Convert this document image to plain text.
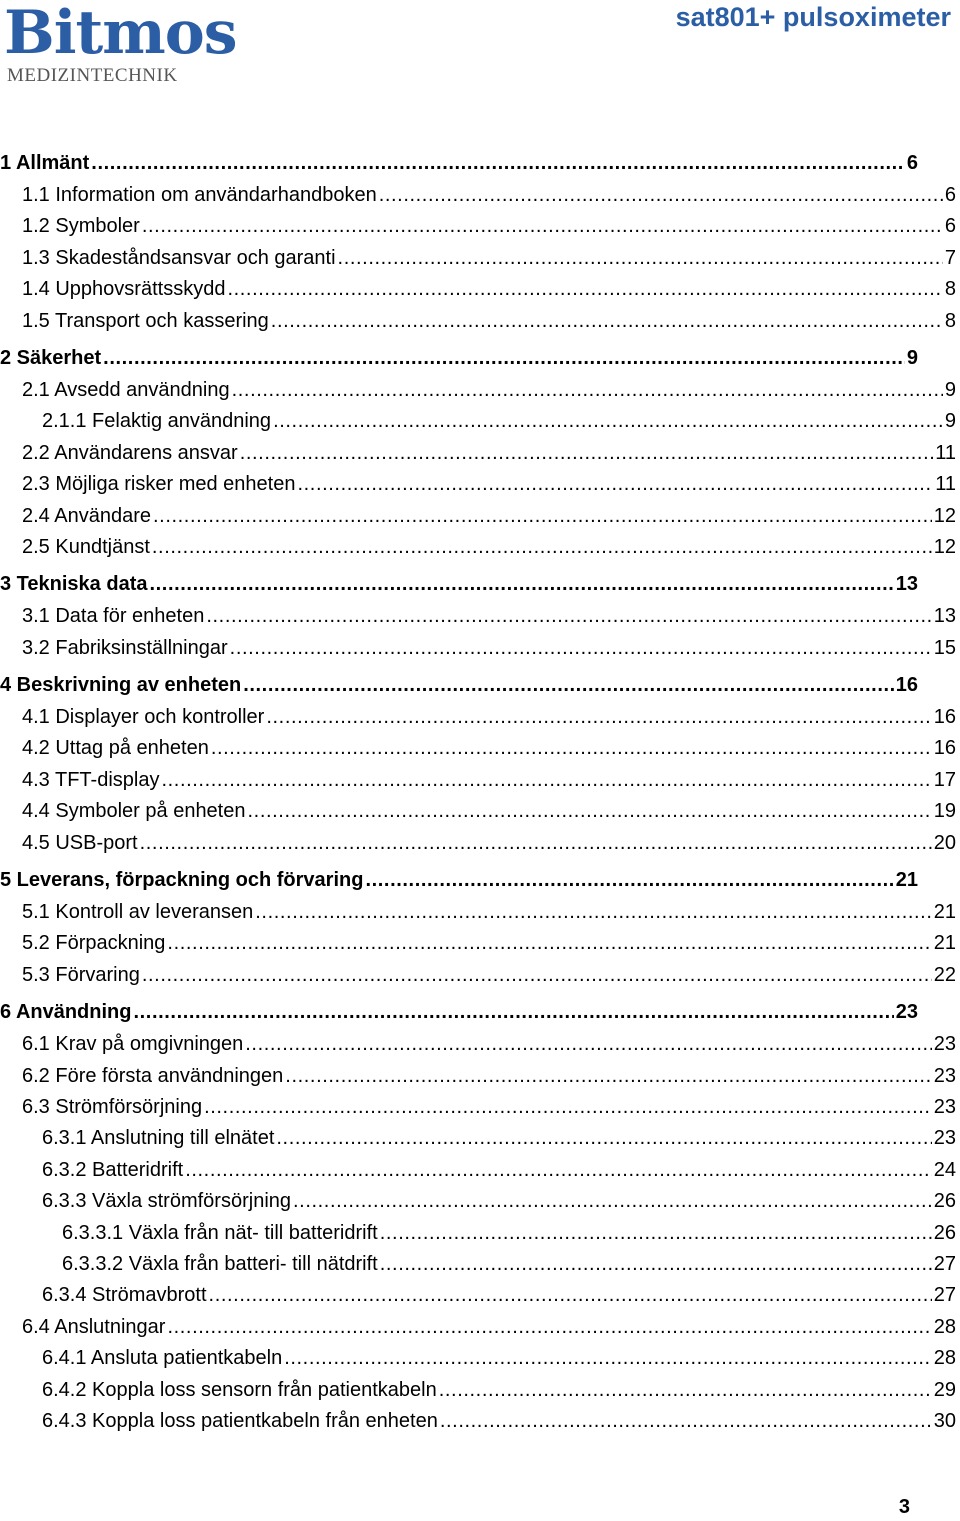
Bitmos
MEDIZINTECHNIK
sat801+ pulsoximeter
1 Allmänt .....	6
1.1 Information om användarhandboken .....	6
1.2 Symboler .....	6
1.3 Skadeståndsansvar och garanti .....	7
1.4 Upphovsrättsskydd .....	8
1.5 Transport och kassering .....	8
2 Säkerhet .....	9
2.1 Avsedd användning .....	9
2.1.1 Felaktig användning .....	9
2.2 Användarens ansvar .....	11
2.3 Möjliga risker med enheten .....	11
2.4 Användare .....	12
2.5 Kundtjänst .....	12
3 Tekniska data .....	13
3.1 Data för enheten .....	13
3.2 Fabriksinställningar .....	15
4 Beskrivning av enheten .....	16
4.1 Displayer och kontroller .....	16
4.2 Uttag på enheten .....	16
4.3 TFT-display .....	17
4.4 Symboler på enheten .....	19
4.5 USB-port .....	20
5 Leverans, förpackning och förvaring .....	21
5.1 Kontroll av leveransen .....	21
5.2 Förpackning .....	21
5.3 Förvaring .....	22
6 Användning .....	23
6.1 Krav på omgivningen .....	23
6.2 Före första användningen .....	23
6.3 Strömförsörjning .....	23
6.3.1 Anslutning till elnätet .....	23
6.3.2 Batteridrift .....	24
6.3.3 Växla strömförsörjning .....	26
6.3.3.1 Växla från nät- till batteridrift .....	26
6.3.3.2 Växla från batteri- till nätdrift .....	27
6.3.4 Strömavbrott .....	27
6.4 Anslutningar .....	28
6.4.1 Ansluta patientkabeln .....	28
6.4.2 Koppla loss sensorn från patientkabeln .....	29
6.4.3 Koppla loss patientkabeln från enheten .....	30
3
